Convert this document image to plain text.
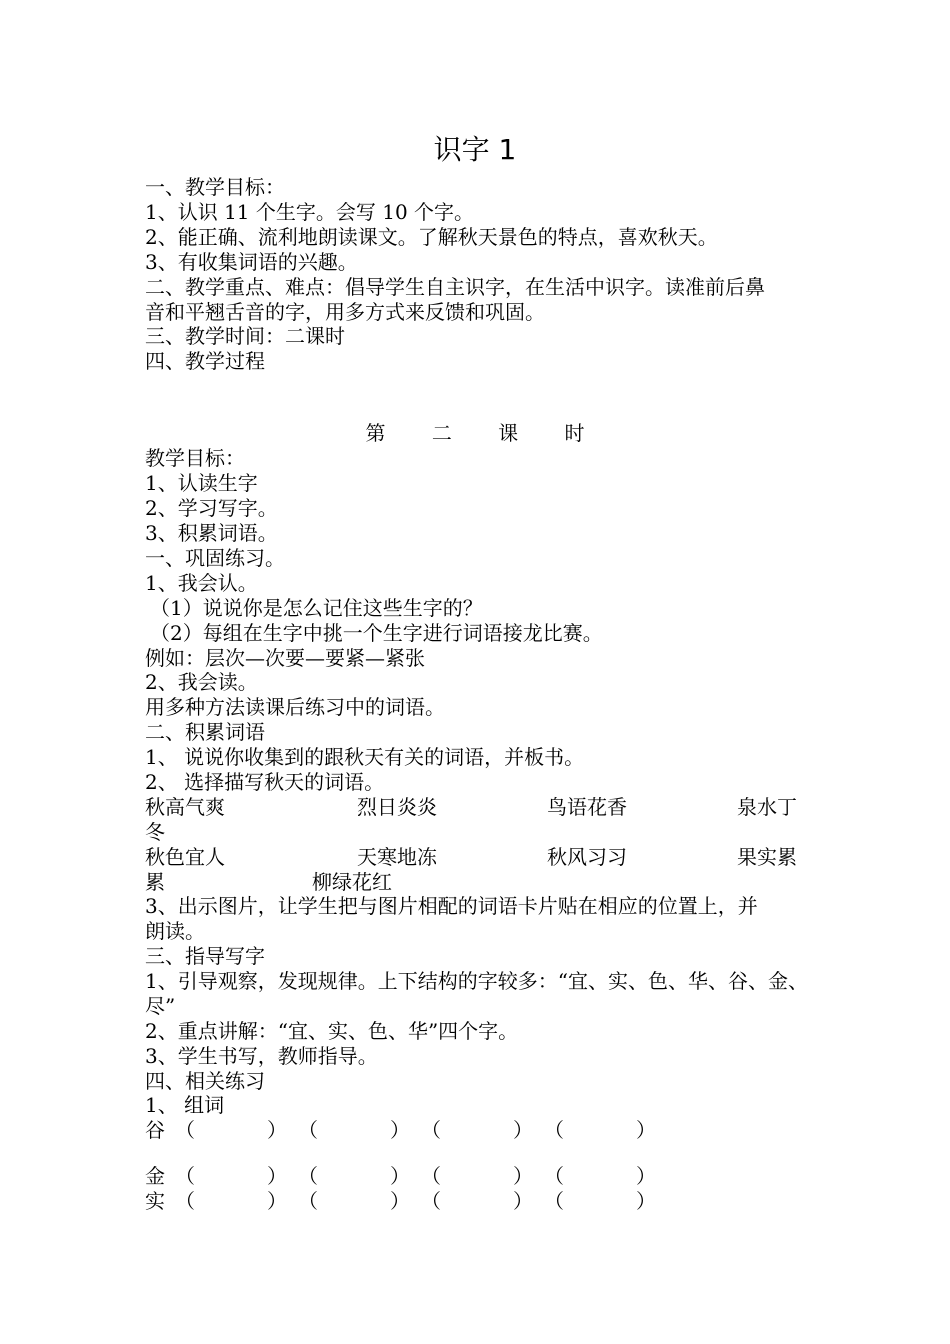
识字 1
一、教学目标：
1、认识 11 个生字。会写 10 个字。
2、能正确、流利地朗读课文。了解秋天景色的特点，喜欢秋天。
3、有收集词语的兴趣。
二、教学重点、难点：倡导学生自主识字，在生活中识字。读准前后鼻
音和平翘舌音的字，用多方式来反馈和巩固。
三、教学时间：二课时
四、教学过程
第 二 课 时
教学目标：
1、认读生字
2、学习写字。
3、积累词语。
一、巩固练习。
1、我会认。
（1）说说你是怎么记住这些生字的？
（2）每组在生字中挑一个生字进行词语接龙比赛。
例如：层次—次要—要紧—紧张
2、我会读。
用多种方法读课后练习中的词语。
二、积累词语
1、 说说你收集到的跟秋天有关的词语，并板书。
2、 选择描写秋天的词语。
秋高气爽	烈日炎炎	鸟语花香	泉水丁
冬
秋色宜人	天寒地冻	秋风习习	果实累
累	柳绿花红
3、出示图片，让学生把与图片相配的词语卡片贴在相应的位置上，并
朗读。
三、指导写字
1、引导观察，发现规律。上下结构的字较多：“宜、实、色、华、谷、金、
尽”
2、重点讲解：“宜、实、色、华”四个字。
3、学生书写，教师指导。
四、相关练习
1、 组词
谷 （	） （	） （	） （	）
金 （	） （	） （	） （	）
实 （	） （	） （	） （	）
